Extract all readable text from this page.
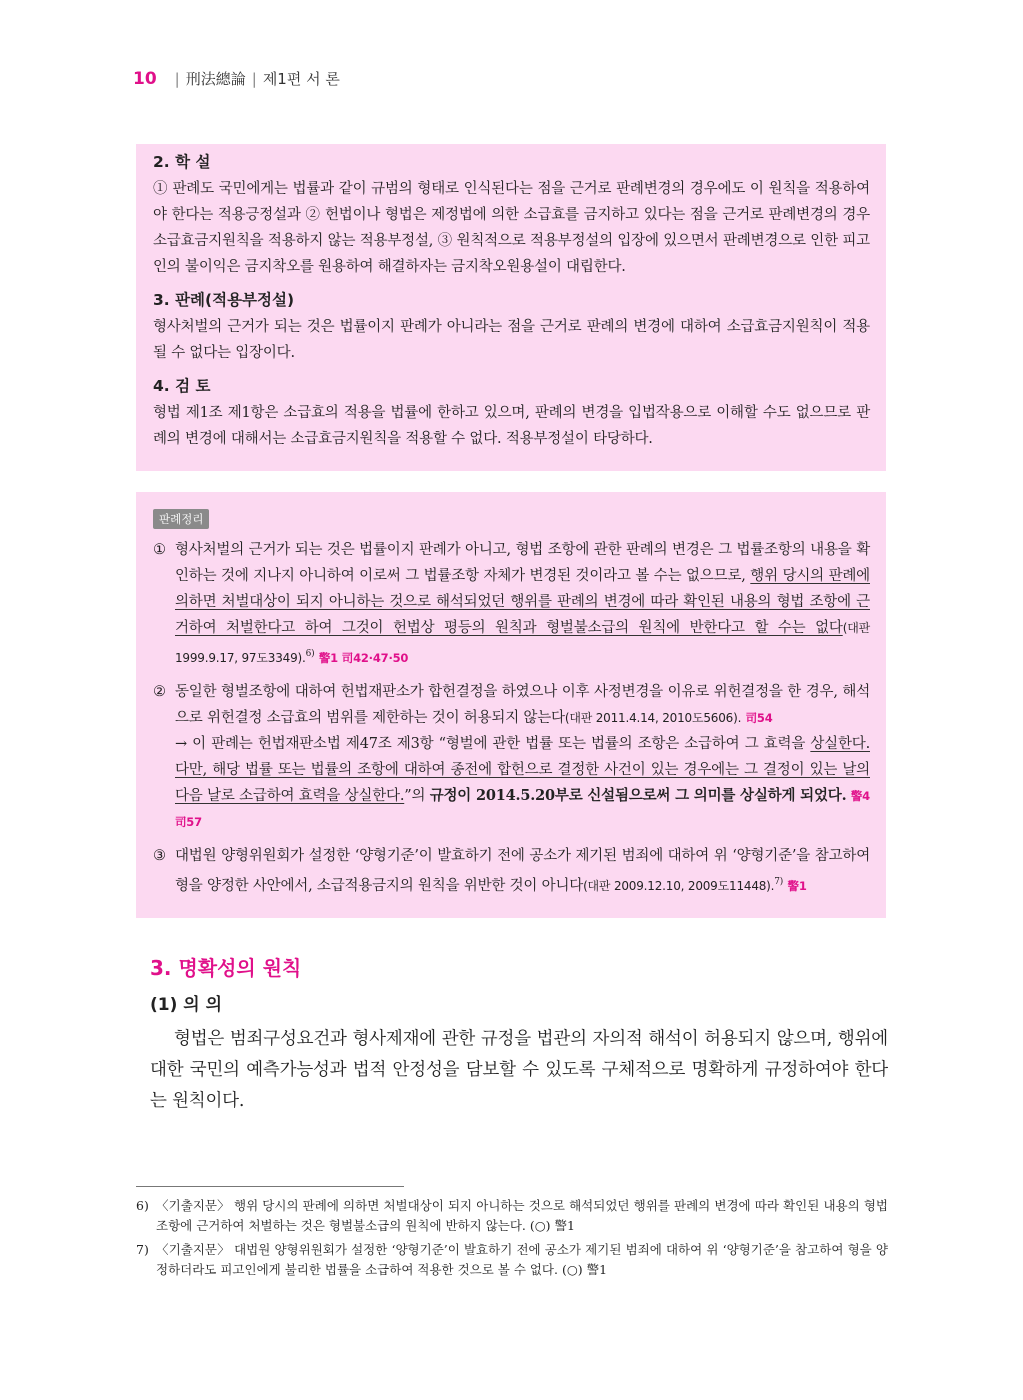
10 | 刑法總論 | 제1편 서 론

2. 학 설

① 판례도 국민에게는 법률과 같이 규범의 형태로 인식된다는 점을 근거로 판례변경의 경우에도 이 원칙을 적용하여야 한다는 적용긍정설과 ② 헌법이나 형법은 제정법에 의한 소급효를 금지하고 있다는 점을 근거로 판례변경의 경우 소급효금지원칙을 적용하지 않는 적용부정설, ③ 원칙적으로 적용부정설의 입장에 있으면서 판례변경으로 인한 피고인의 불이익은 금지착오를 원용하여 해결하자는 금지착오원용설이 대립한다.

3. 판례(적용부정설)

형사처벌의 근거가 되는 것은 법률이지 판례가 아니라는 점을 근거로 판례의 변경에 대하여 소급효금지원칙이 적용될 수 없다는 입장이다.

4. 검 토

형법 제1조 제1항은 소급효의 적용을 법률에 한하고 있으며, 판례의 변경을 입법작용으로 이해할 수도 없으므로 판례의 변경에 대해서는 소급효금지원칙을 적용할 수 없다. 적용부정설이 타당하다.

판례정리

① 형사처벌의 근거가 되는 것은 법률이지 판례가 아니고, 형법 조항에 관한 판례의 변경은 그 법률조항의 내용을 확인하는 것에 지나지 아니하여 이로써 그 법률조항 자체가 변경된 것이라고 볼 수는 없으므로, 행위 당시의 판례에 의하면 처벌대상이 되지 아니하는 것으로 해석되었던 행위를 판례의 변경에 따라 확인된 내용의 형법 조항에 근거하여 처벌한다고 하여 그것이 헌법상 평등의 원칙과 형벌불소급의 원칙에 반한다고 할 수는 없다(대판 1999.9.17, 97도3349).$^{6)}$ 警1 司42·47·50

② 동일한 형벌조항에 대하여 헌법재판소가 합헌결정을 하였으나 이후 사정변경을 이유로 위헌결정을 한 경우, 해석으로 위헌결정 소급효의 범위를 제한하는 것이 허용되지 않는다(대판 2011.4.14, 2010도5606). 司54
→ 이 판례는 헌법재판소법 제47조 제3항 “형벌에 관한 법률 또는 법률의 조항은 소급하여 그 효력을 상실한다. 다만, 해당 법률 또는 법률의 조항에 대하여 종전에 합헌으로 결정한 사건이 있는 경우에는 그 결정이 있는 날의 다음 날로 소급하여 효력을 상실한다.”의 규정이 2014.5.20부로 신설됨으로써 그 의미를 상실하게 되었다. 警4 司57

③ 대법원 양형위원회가 설정한 ‘양형기준’이 발효하기 전에 공소가 제기된 범죄에 대하여 위 ‘양형기준’을 참고하여 형을 양정한 사안에서, 소급적용금지의 원칙을 위반한 것이 아니다(대판 2009.12.10, 2009도11448).$^{7)}$ 警1

3. 명확성의 원칙
(1) 의 의

형법은 범죄구성요건과 형사제재에 관한 규정을 법관의 자의적 해석이 허용되지 않으며, 행위에 대한 국민의 예측가능성과 법적 안정성을 담보할 수 있도록 구체적으로 명확하게 규정하여야 한다는 원칙이다.

6) 〈기출지문〉 행위 당시의 판례에 의하면 처벌대상이 되지 아니하는 것으로 해석되었던 행위를 판례의 변경에 따라 확인된 내용의 형법 조항에 근거하여 처벌하는 것은 형벌불소급의 원칙에 반하지 않는다. (○) 警1

7) 〈기출지문〉 대법원 양형위원회가 설정한 ‘양형기준’이 발효하기 전에 공소가 제기된 범죄에 대하여 위 ‘양형기준’을 참고하여 형을 양정하더라도 피고인에게 불리한 법률을 소급하여 적용한 것으로 볼 수 없다. (○) 警1
